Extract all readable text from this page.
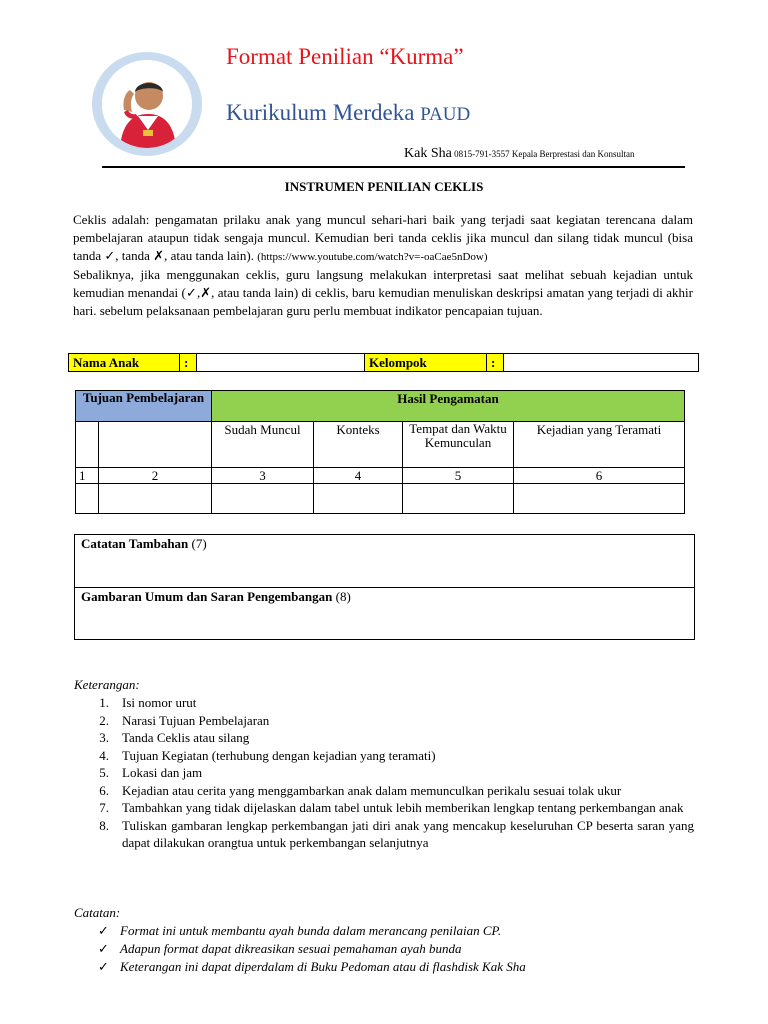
Format Penilian “Kurma”
Kurikulum Merdeka PAUD
Kak Sha 0815-791-3557 Kepala Berprestasi dan Konsultan
INSTRUMEN PENILIAN CEKLIS

Ceklis adalah: pengamatan prilaku anak yang muncul sehari-hari baik yang terjadi saat kegiatan terencana dalam pembelajaran ataupun tidak sengaja muncul. Kemudian beri tanda ceklis jika muncul dan silang tidak muncul (bisa tanda ✓, tanda ✗, atau tanda lain). (https://www.youtube.com/watch?v=-oaCae5nDow)

Sebaliknya, jika menggunakan ceklis, guru langsung melakukan interpretasi saat melihat sebuah kejadian untuk kemudian menandai (✓,✗, atau tanda lain) di ceklis, baru kemudian menuliskan deskripsi amatan yang terjadi di akhir hari. sebelum pelaksanaan pembelajaran guru perlu membuat indikator pencapaian tujuan.

Nama Anak	:		Kelompok	:	
Tujuan Pembelajaran		Hasil Pengamatan			
		Sudah Muncul	Konteks	Tempat dan Waktu Kemunculan	Kejadian yang Teramati
1	2	3	4	5	6

Catatan Tambahan (7)
Gambaran Umum dan Saran Pengembangan (8)
Keterangan:
1.	Isi nomor urut
2.	Narasi Tujuan Pembelajaran
3.	Tanda Ceklis atau silang
4.	Tujuan Kegiatan (terhubung dengan kejadian yang teramati)
5.	Lokasi dan jam
6.	Kejadian atau cerita yang menggambarkan anak dalam memunculkan perikalu sesuai tolak ukur
7.	Tambahkan yang tidak dijelaskan dalam tabel untuk lebih memberikan lengkap tentang perkembangan anak
8.	Tuliskan gambaran lengkap perkembangan jati diri anak yang mencakup keseluruhan CP beserta saran yang dapat dilakukan orangtua untuk perkembangan selanjutnya
Catatan:
✓ Format ini untuk membantu ayah bunda dalam merancang penilaian CP.
✓ Adapun format dapat dikreasikan sesuai pemahaman ayah bunda
✓ Keterangan ini dapat diperdalam di Buku Pedoman atau di flashdisk Kak Sha
